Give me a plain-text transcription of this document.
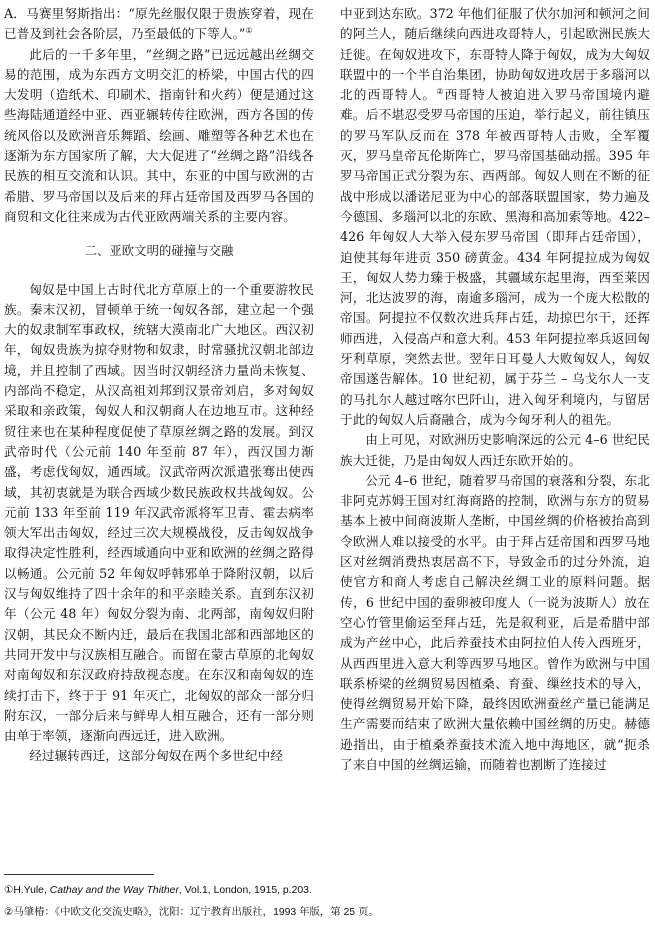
A．马赛里努斯指出：“原先丝服仅限于贵族穿着，现在已普及到社会各阶层，乃至最低的下等人。”①

此后的一千多年里，“丝绸之路”已远远越出丝绸交易的范围，成为东西方文明交汇的桥梁，中国古代的四大发明（造纸术、印刷术、指南针和火药）便是通过这些海陆通道经中亚、西亚辗转传往欧洲，西方各国的传统风俗以及欧洲音乐舞蹈、绘画、雕塑等各种艺术也在逐渐为东方国家所了解，大大促进了“丝绸之路”沿线各民族的相互交流和认识。其中，东亚的中国与欧洲的古希腊、罗马帝国以及后来的拜占廷帝国及西罗马各国的商贸和文化往来成为古代亚欧两端关系的主要内容。

二、亚欧文明的碰撞与交融

匈奴是中国上古时代北方草原上的一个重要游牧民族。秦末汉初，冒顿单于统一匈奴各部，建立起一个强大的奴隶制军事政权，统辖大漠南北广大地区。西汉初年，匈奴贵族为掠夺财物和奴隶，时常骚扰汉朝北部边境，并且控制了西域。因当时汉朝经济力量尚未恢复、内部尚不稳定，从汉高祖刘邦到汉景帝刘启，多对匈奴采取和亲政策，匈奴人和汉朝商人在边地互市。这种经贸往来也在某种程度促使了草原丝绸之路的发展。到汉武帝时代（公元前 140 年至前 87 年），西汉国力渐盛，考虑伐匈奴，通西域。汉武帝两次派遣张骞出使西域，其初衷就是为联合西域少数民族政权共战匈奴。公元前 133 年至前 119 年汉武帝派将军卫青、霍去病率领大军出击匈奴，经过三次大规模战役，反击匈奴战争取得决定性胜利，经西域通向中亚和欧洲的丝绸之路得以畅通。公元前 52 年匈奴呼韩邪单于降附汉朝，以后汉与匈奴维持了四十余年的和平亲睦关系。直到东汉初年（公元 48 年）匈奴分裂为南、北两部，南匈奴归附汉朝，其民众不断内迁，最后在我国北部和西部地区的共同开发中与汉族相互融合。而留在蒙古草原的北匈奴对南匈奴和东汉政府持敌视态度。在东汉和南匈奴的连续打击下，终于于 91 年灭亡，北匈奴的部众一部分归附东汉，一部分后来与鲜卑人相互融合，还有一部分则由单于率领，逐渐向西远迁，进入欧洲。

经过辗转西迁，这部分匈奴在两个多世纪中经

中亚到达东欧。372 年他们征服了伏尔加河和顿河之间的阿兰人，随后继续向西进攻哥特人，引起欧洲民族大迁徙。在匈奴进攻下，东哥特人降于匈奴，成为大匈奴联盟中的一个半自治集团，协助匈奴进攻居于多瑙河以北的西哥特人。②西哥特人被迫进入罗马帝国境内避难。后不堪忍受罗马帝国的压迫，举行起义，前往镇压的罗马军队反而在 378 年被西哥特人击败，全军覆灭，罗马皇帝瓦伦斯阵亡，罗马帝国基础动摇。395 年罗马帝国正式分裂为东、西两部。匈奴人则在不断的征战中形成以潘诺尼亚为中心的部落联盟国家，势力遍及今德国、多瑙河以北的东欧、黑海和高加索等地。422–426 年匈奴人大举入侵东罗马帝国（即拜占廷帝国），迫使其每年进贡 350 磅黄金。434 年阿提拉成为匈奴王，匈奴人势力臻于极盛，其疆域东起里海，西至莱因河，北达波罗的海，南逾多瑙河，成为一个庞大松散的帝国。阿提拉不仅数次进兵拜占廷，劫掠巴尔干，还挥师西进，入侵高卢和意大利。453 年阿提拉率兵返回匈牙利草原，突然去世。翌年日耳曼人大败匈奴人，匈奴帝国遂告解体。10 世纪初，属于芬兰 – 乌戈尔人一支的马扎尔人越过喀尔巴阡山，进入匈牙利境内，与留居于此的匈奴人后裔融合，成为今匈牙利人的祖先。

由上可见，对欧洲历史影响深远的公元 4–6 世纪民族大迁徙，乃是由匈奴人西迁东欧开始的。

公元 4–6 世纪，随着罗马帝国的衰落和分裂，东北非阿克苏姆王国对红海商路的控制，欧洲与东方的贸易基本上被中间商波斯人垄断，中国丝绸的价格被抬高到令欧洲人难以接受的水平。由于拜占廷帝国和西罗马地区对丝绸消费热衷居高不下，导致金币的过分外流，迫使官方和商人考虑自己解决丝绸工业的原料问题。据传，6 世纪中国的蚕卵被印度人（一说为波斯人）放在空心竹管里偷运至拜占廷，先是叙利亚，后是希腊中部成为产丝中心，此后养蚕技术由阿拉伯人传入西班牙，从西西里进入意大利等西罗马地区。曾作为欧洲与中国联系桥梁的丝绸贸易因植桑、育蚕、缫丝技术的导入，使得丝绸贸易开始下降，最终因欧洲蚕丝产量已能满足生产需要而结束了欧洲大量依赖中国丝绸的历史。赫德逊指出，由于植桑养蚕技术流入地中海地区，就“扼杀了来自中国的丝绸运输，而随着也割断了连接过

①H.Yule, Cathay and the Way Thither, Vol.1, London, 1915, p.203.

②马肇椿：《中欧文化交流史略》，沈阳：辽宁教育出版社，1993 年版，第 25 页。
